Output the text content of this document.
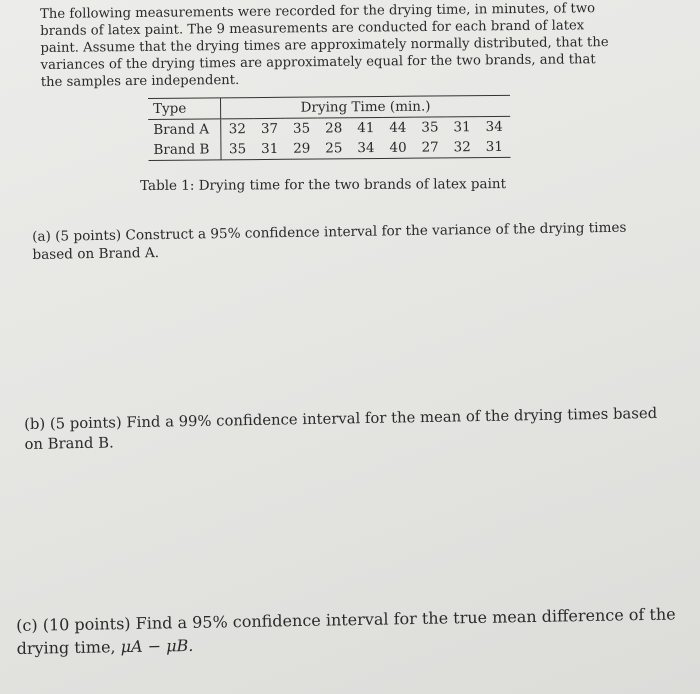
The following measurements were recorded for the drying time, in minutes, of two brands of latex paint. The 9 measurements are conducted for each brand of latex paint. Assume that the drying times are approximately normally distributed, that the variances of the drying times are approximately equal for the two brands, and that the samples are independent.

Type	Drying Time (min.)								
Brand A	32	37	35	28	41	44	35	31	34
Brand B	35	31	29	25	34	40	27	32	31

Table 1: Drying time for the two brands of latex paint

(a) (5 points) Construct a 95% confidence interval for the variance of the drying times based on Brand A.

(b) (5 points) Find a 99% confidence interval for the mean of the drying times based on Brand B.

(c) (10 points) Find a 95% confidence interval for the true mean difference of the drying time, μA − μB.
